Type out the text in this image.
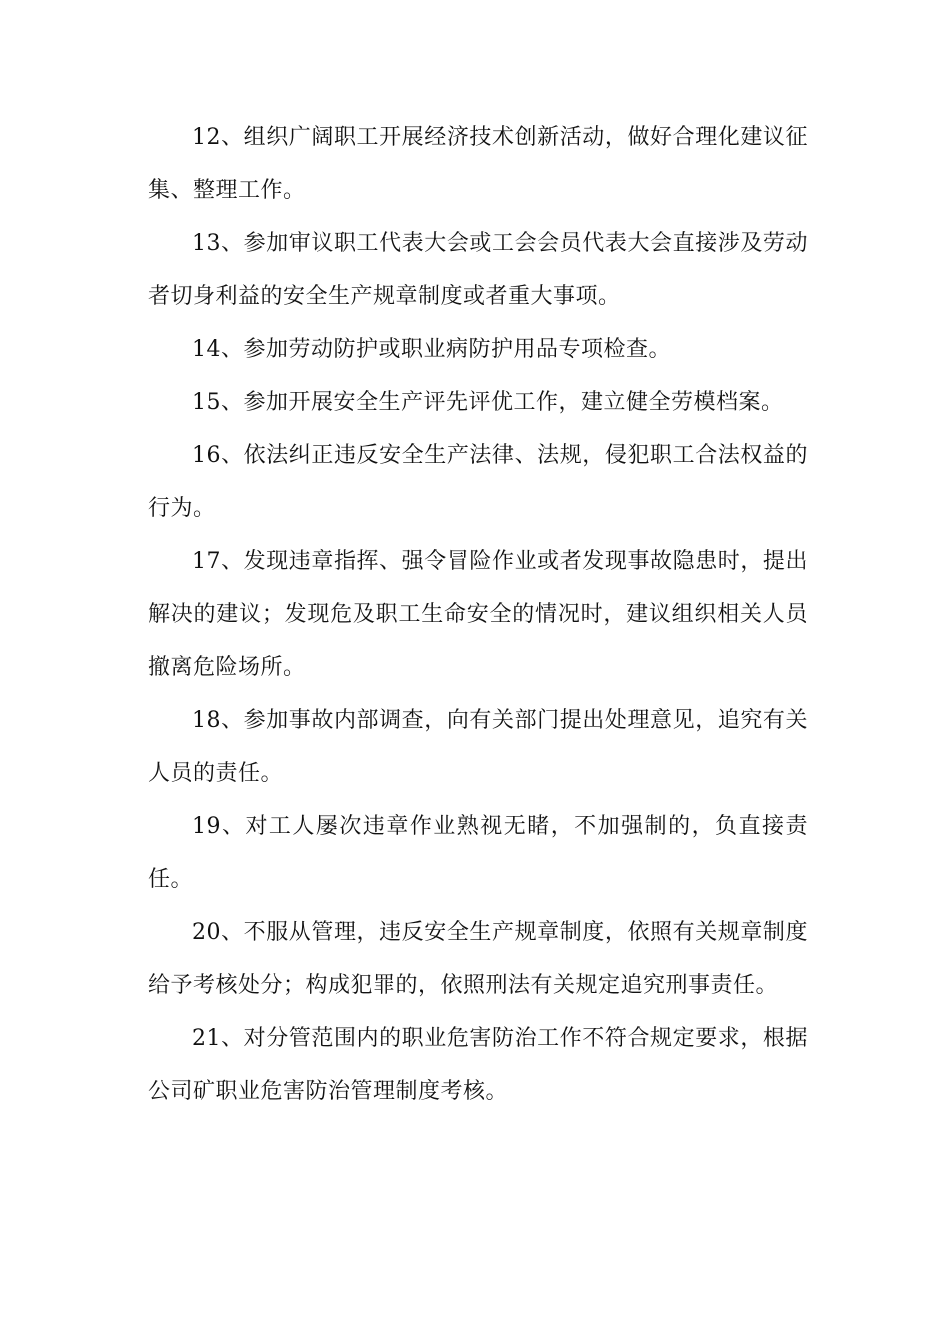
12、组织广阔职工开展经济技术创新活动，做好合理化建议征集、整理工作。

13、参加审议职工代表大会或工会会员代表大会直接涉及劳动者切身利益的安全生产规章制度或者重大事项。

14、参加劳动防护或职业病防护用品专项检查。

15、参加开展安全生产评先评优工作，建立健全劳模档案。

16、依法纠正违反安全生产法律、法规，侵犯职工合法权益的行为。

17、发现违章指挥、强令冒险作业或者发现事故隐患时，提出解决的建议；发现危及职工生命安全的情况时，建议组织相关人员撤离危险场所。

18、参加事故内部调查，向有关部门提出处理意见，追究有关人员的责任。

19、对工人屡次违章作业熟视无睹，不加强制的，负直接责任。

20、不服从管理，违反安全生产规章制度，依照有关规章制度给予考核处分；构成犯罪的，依照刑法有关规定追究刑事责任。

21、对分管范围内的职业危害防治工作不符合规定要求，根据公司矿职业危害防治管理制度考核。
